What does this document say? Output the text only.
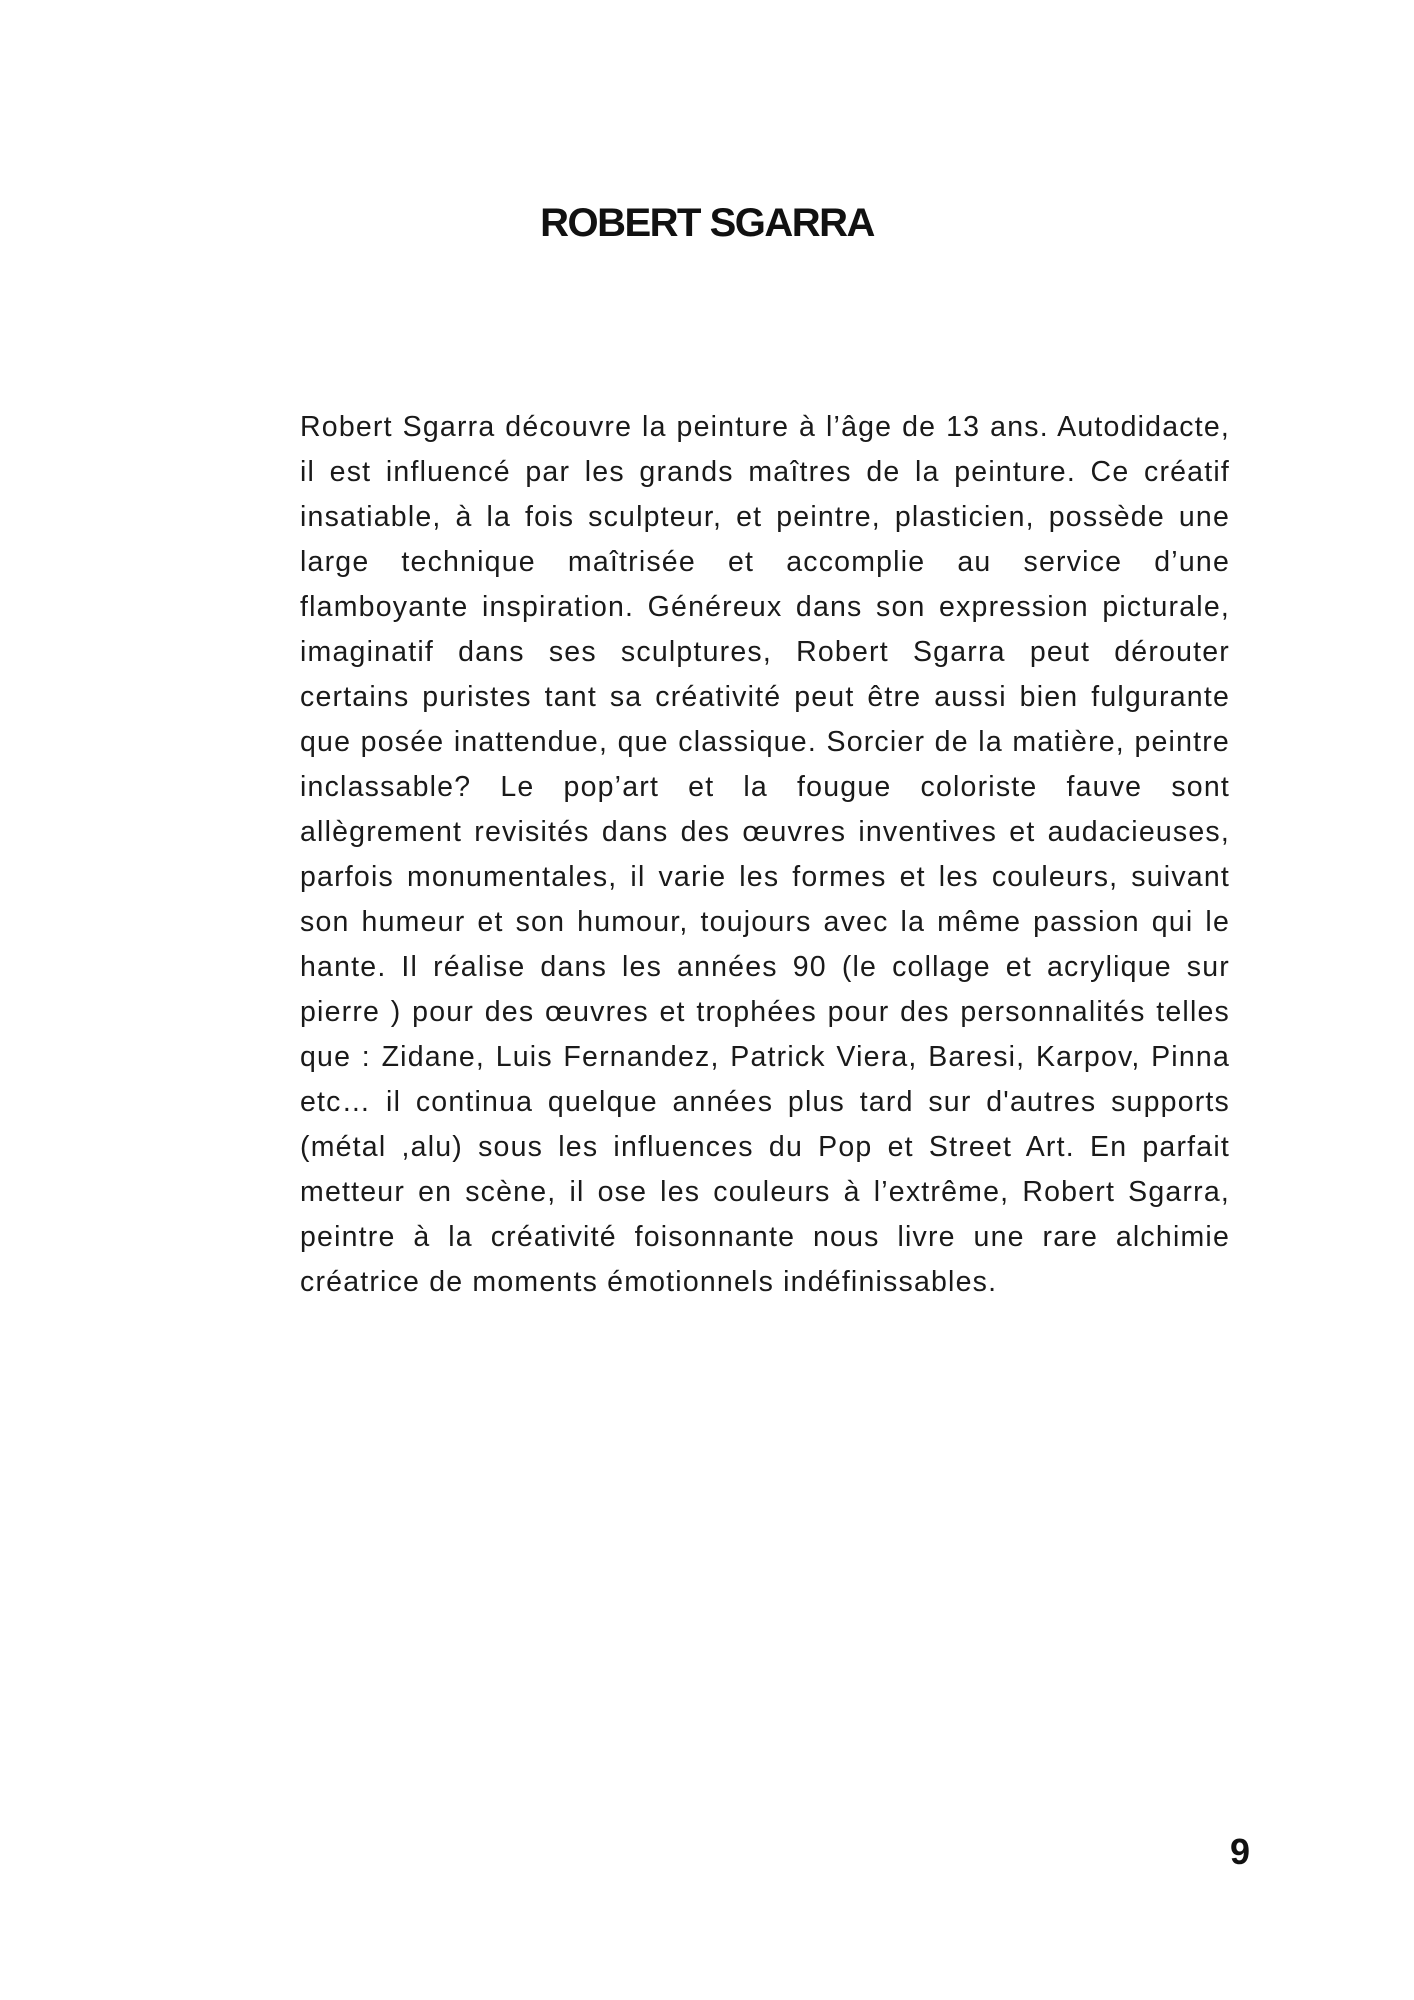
ROBERT SGARRA

Robert Sgarra découvre la peinture à l’âge de 13 ans. Autodidacte, il est influencé par les grands maîtres de la peinture. Ce créatif insatiable, à la fois sculpteur, et peintre, plasticien, possède une large technique maîtrisée et accomplie au service d’une flamboyante inspiration. Généreux dans son expression picturale, imaginatif dans ses sculptures, Robert Sgarra peut dérouter certains puristes tant sa créativité peut être aussi bien fulgurante que posée inattendue, que classique. Sorcier de la matière, peintre inclassable? Le pop’art et la fougue coloriste fauve sont allègrement revisités dans des œuvres inventives et audacieuses, parfois monumentales, il varie les formes et les couleurs, suivant son humeur et son humour, toujours avec la même passion qui le hante. Il réalise dans les années 90 (le collage et acrylique sur pierre ) pour des œuvres et trophées pour des personnalités telles que : Zidane, Luis Fernandez, Patrick Viera, Baresi, Karpov, Pinna etc… il continua quelque années plus tard sur d'autres supports (métal ,alu) sous les influences du Pop et Street Art. En parfait metteur en scène, il ose les couleurs à l’extrême, Robert Sgarra, peintre à la créativité foisonnante nous livre une rare alchimie créatrice de moments émotionnels indéfinissables.

9
